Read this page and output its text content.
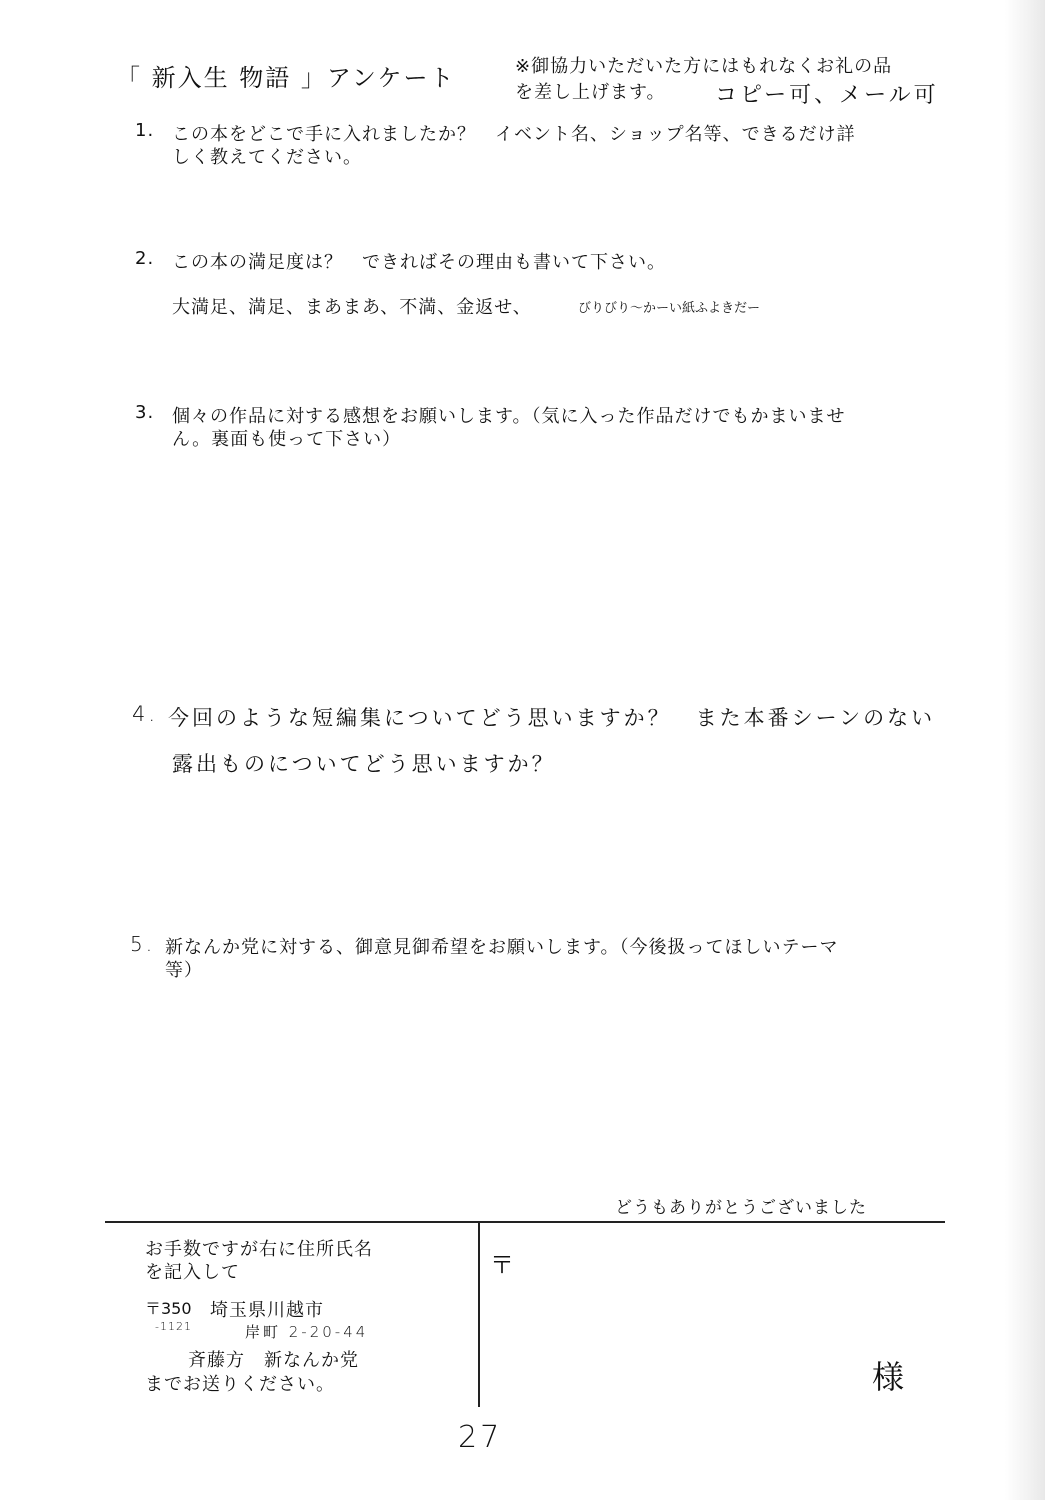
「 新入生 物語 」アンケート	※御協力いただいた方にはもれなくお礼の品
を差し上げます。 コピー可、メール可
1. この本をどこで手に入れましたか？　イベント名、ショップ名等、できるだけ詳
しく教えてください。
2. この本の満足度は？　できればその理由も書いて下さい。
大満足、満足、まあまあ、不満、金返せ、	びりびり〜かーい紙ふよきだー
3. 個々の作品に対する感想をお願いします。（気に入った作品だけでもかまいませ
ん。裏面も使って下さい）
4. 今回のような短編集についてどう思いますか？　また本番シーンのない
露出ものについてどう思いますか？
5. 新なんか党に対する、御意見御希望をお願いします。（今後扱ってほしいテーマ
等）
どうもありがとうございました
お手数ですが右に住所氏名
を記入して
〒350 埼玉県川越市
-1121	岸町 2-20-44
斉藤方　新なんか党
までお送りください。
〒
様
27
